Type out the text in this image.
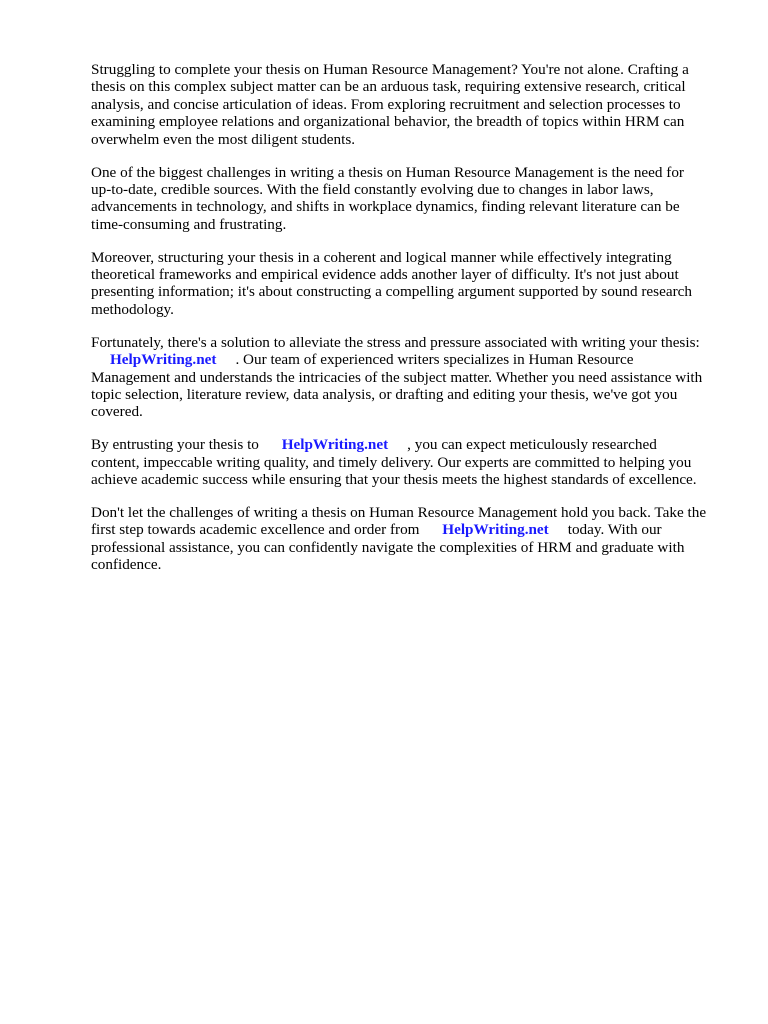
Struggling to complete your thesis on Human Resource Management? You're not alone. Crafting a
thesis on this complex subject matter can be an arduous task, requiring extensive research, critical
analysis, and concise articulation of ideas. From exploring recruitment and selection processes to
examining employee relations and organizational behavior, the breadth of topics within HRM can
overwhelm even the most diligent students.

One of the biggest challenges in writing a thesis on Human Resource Management is the need for
up-to-date, credible sources. With the field constantly evolving due to changes in labor laws,
advancements in technology, and shifts in workplace dynamics, finding relevant literature can be
time-consuming and frustrating.

Moreover, structuring your thesis in a coherent and logical manner while effectively integrating
theoretical frameworks and empirical evidence adds another layer of difficulty. It's not just about
presenting information; it's about constructing a compelling argument supported by sound research
methodology.

Fortunately, there's a solution to alleviate the stress and pressure associated with writing your thesis:
HelpWriting.net     . Our team of experienced writers specializes in Human Resource
Management and understands the intricacies of the subject matter. Whether you need assistance with
topic selection, literature review, data analysis, or drafting and editing your thesis, we've got you
covered.

By entrusting your thesis to      HelpWriting.net     , you can expect meticulously researched
content, impeccable writing quality, and timely delivery. Our experts are committed to helping you
achieve academic success while ensuring that your thesis meets the highest standards of excellence.

Don't let the challenges of writing a thesis on Human Resource Management hold you back. Take the
first step towards academic excellence and order from      HelpWriting.net     today. With our
professional assistance, you can confidently navigate the complexities of HRM and graduate with
confidence.
